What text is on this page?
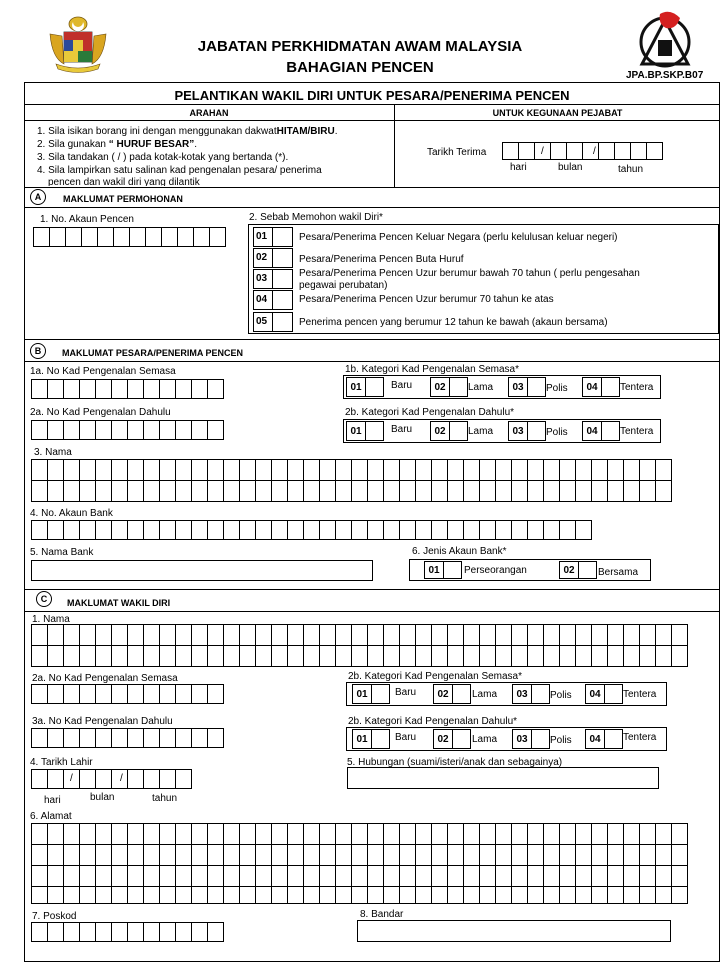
JABATAN PERKHIDMATAN AWAM MALAYSIA
BAHAGIAN PENCEN	JPA.BP.SKP.B07
PELANTIKAN WAKIL DIRI UNTUK PESARA/PENERIMA PENCEN
ARAHAN	UNTUK KEGUNAAN PEJABAT
1. Sila isikan borang ini dengan menggunakan dakwatHITAM/BIRU.
2. Sila gunakan “ HURUF BESAR”.
3. Sila tandakan ( / ) pada kotak-kotak yang bertanda (*).
4. Sila lampirkan satu salinan kad pengenalan pesara/ penerima
pencen dan wakil diri yang dilantik
Tarikh Terima	/	/
hari	bulan	tahun
A	MAKLUMAT PERMOHONAN
1. No. Akaun Pencen	2. Sebab Memohon wakil Diri*
01	Pesara/Penerima Pencen Keluar Negara (perlu kelulusan keluar negeri)
02	Pesara/Penerima Pencen Buta Huruf
03	Pesara/Penerima Pencen Uzur berumur bawah 70 tahun ( perlu pengesahan
pegawai perubatan)
04	Pesara/Penerima Pencen Uzur berumur 70 tahun ke atas
05	Penerima pencen yang berumur 12 tahun ke bawah (akaun bersama)
B	MAKLUMAT PESARA/PENERIMA PENCEN
1a. No Kad Pengenalan Semasa	1b. Kategori Kad Pengenalan Semasa*
01	Baru	02	Lama	03	Polis	04	Tentera
2a. No Kad Pengenalan Dahulu	2b. Kategori Kad Pengenalan Dahulu*
01	Baru	02	Lama	03	Polis	04	Tentera
3. Nama
4. No. Akaun Bank
5. Nama Bank	6. Jenis Akaun Bank*
01	Perseorangan	02	Bersama
C	MAKLUMAT WAKIL DIRI
1. Nama
2a. No Kad Pengenalan Semasa	2b. Kategori Kad Pengenalan Semasa*
01	Baru	02	Lama	03	Polis	04	Tentera
3a. No Kad Pengenalan Dahulu	2b. Kategori Kad Pengenalan Dahulu*
01	Baru	02	Lama	03	Polis	04	Tentera
4. Tarikh Lahir
/	/
hari	bulan	tahun
5. Hubungan (suami/isteri/anak dan sebagainya)
6. Alamat
7. Poskod	8. Bandar
